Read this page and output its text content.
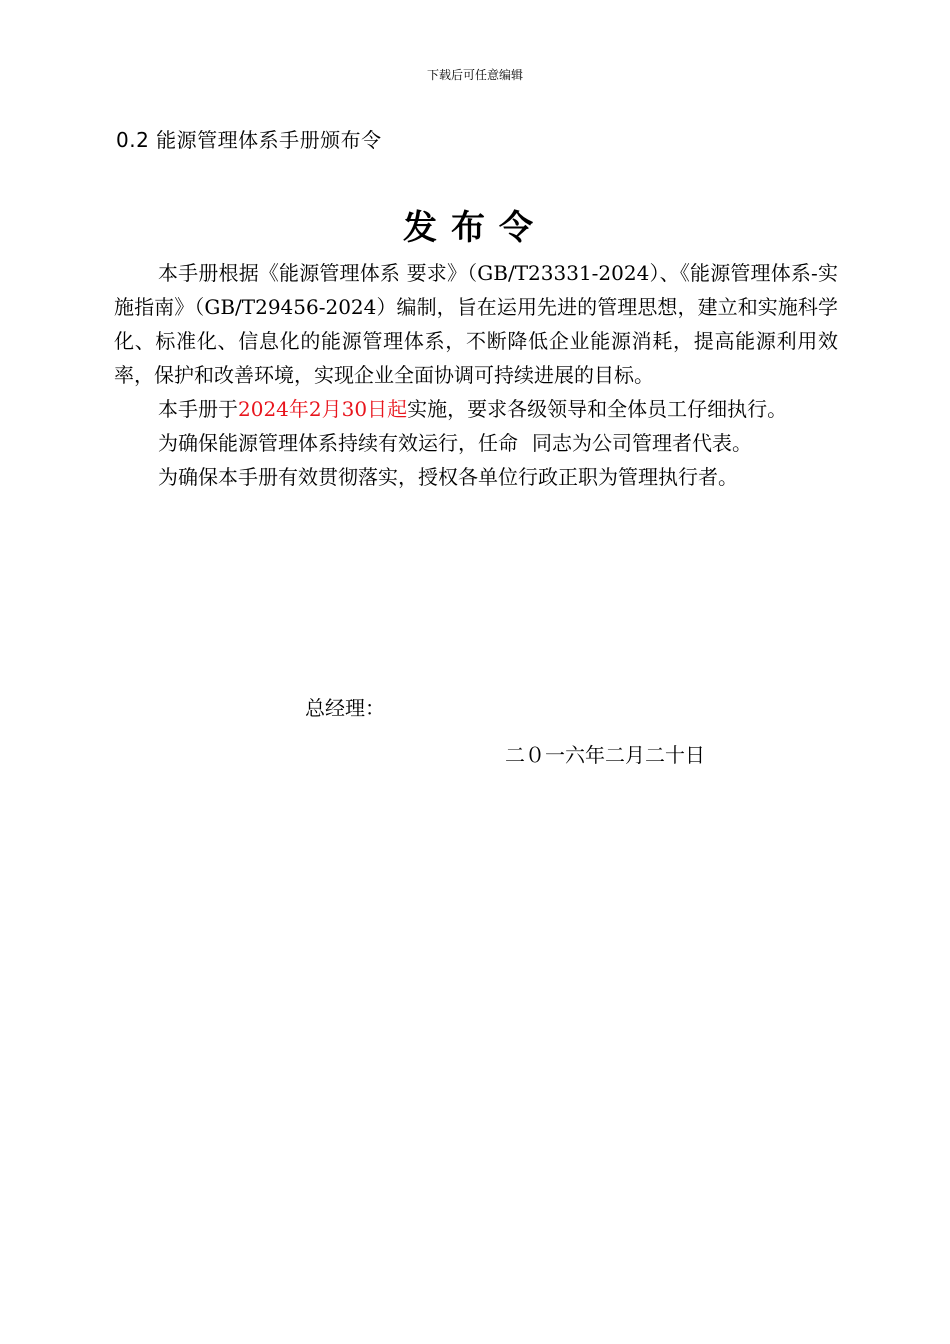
下载后可任意编辑
0.2 能源管理体系手册颁布令
发布令

本手册根据《能源管理体系 要求》（GB/T23331-2024）、《能源管理体系-实施指南》（GB/T29456-2024）编制，旨在运用先进的管理思想，建立和实施科学化、标准化、信息化的能源管理体系，不断降低企业能源消耗，提高能源利用效率，保护和改善环境，实现企业全面协调可持续进展的目标。

本手册于2024年2月30日起实施，要求各级领导和全体员工仔细执行。

为确保能源管理体系持续有效运行，任命 同志为公司管理者代表。

为确保本手册有效贯彻落实，授权各单位行政正职为管理执行者。

总经理：
二０一六年二月二十日
